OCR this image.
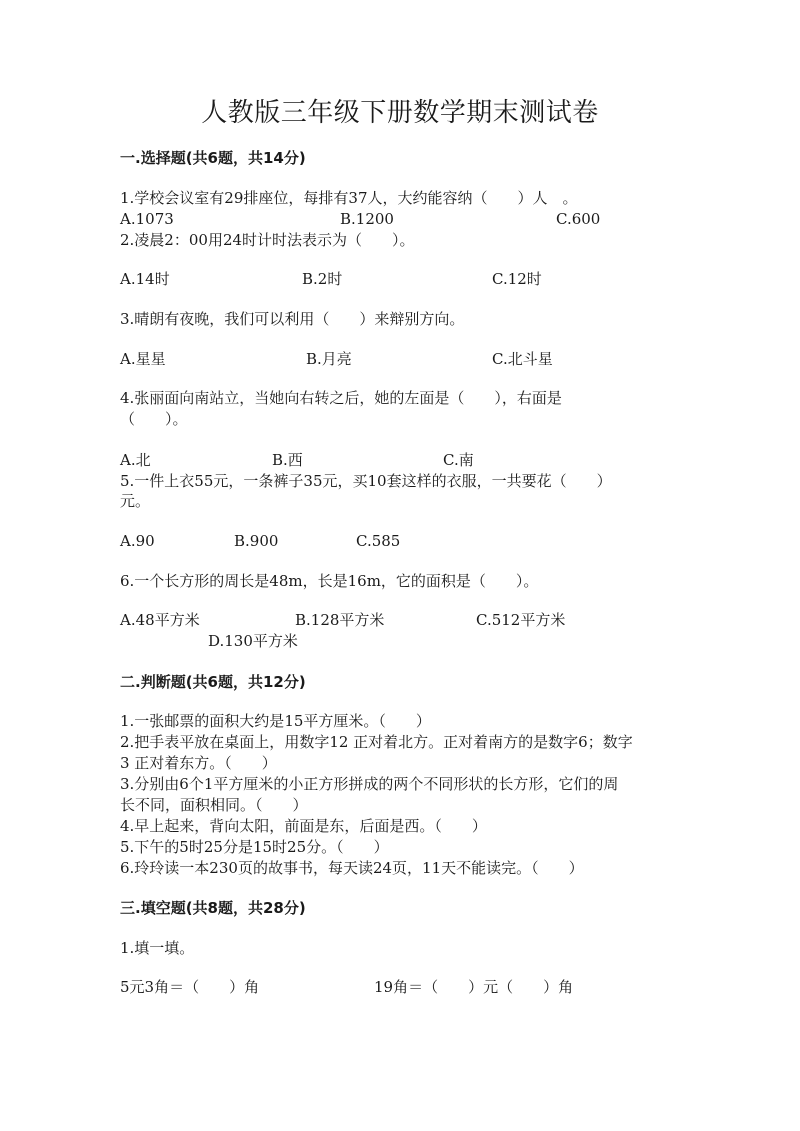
人教版三年级下册数学期末测试卷
一.选择题(共6题，共14分)
1.学校会议室有29排座位，每排有37人，大约能容纳（　　）人　。
A.1073	B.1200	C.600
2.凌晨2：00用24时计时法表示为（　　）。
A.14时	B.2时	C.12时
3.晴朗有夜晚，我们可以利用（　　）来辩别方向。
A.星星	B.月亮	C.北斗星
4.张丽面向南站立，当她向右转之后，她的左面是（　　），右面是
（　　）。
A.北	B.西	C.南
5.一件上衣55元，一条裤子35元，买10套这样的衣服，一共要花（　　）
元。
A.90	B.900	C.585
6.一个长方形的周长是48m，长是16m，它的面积是（　　）。
A.48平方米	B.128平方米	C.512平方米
D.130平方米
二.判断题(共6题，共12分)
1.一张邮票的面积大约是15平方厘米。（　　）
2.把手表平放在桌面上，用数字12 正对着北方。正对着南方的是数字6；数字
3 正对着东方。（　　）
3.分别由6个1平方厘米的小正方形拼成的两个不同形状的长方形，它们的周
长不同，面积相同。（　　）
4.早上起来，背向太阳，前面是东，后面是西。（　　）
5.下午的5时25分是15时25分。（　　）
6.玲玲读一本230页的故事书，每天读24页，11天不能读完。（　　）
三.填空题(共8题，共28分)
1.填一填。
5元3角＝（　　）角	19角＝（　　）元（　　）角
